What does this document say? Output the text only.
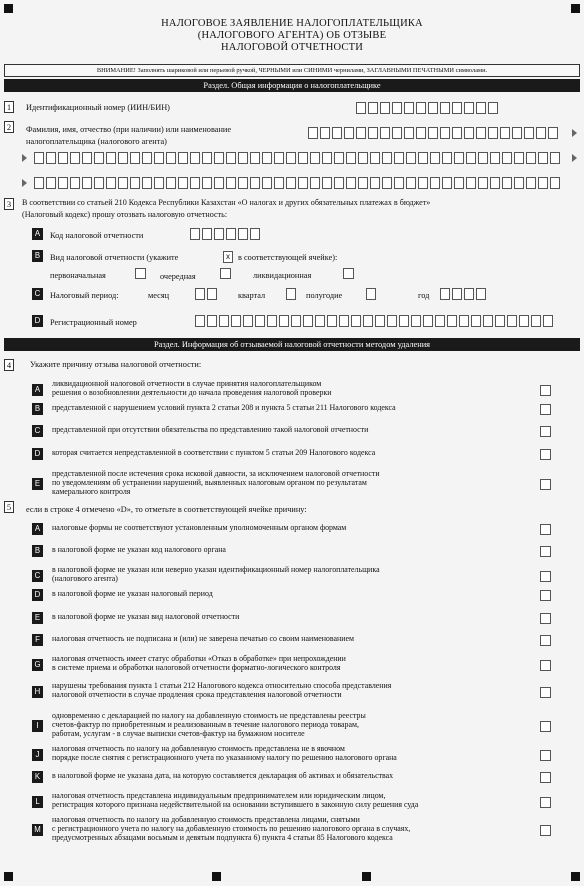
НАЛОГОВОЕ ЗАЯВЛЕНИЕ НАЛОГОПЛАТЕЛЬЩИКА
(НАЛОГОВОГО АГЕНТА) ОБ ОТЗЫВЕ
НАЛОГОВОЙ ОТЧЕТНОСТИ
ВНИМАНИЕ! Заполнять шариковой или перьевой ручкой, ЧЕРНЫМИ или СИНИМИ чернилами, ЗАГЛАВНЫМИ ПЕЧАТНЫМИ символами.
Раздел. Общая информация о налогоплательщике
1	Идентификационный номер (ИИН/БИН)
2	Фамилия, имя, отчество (при наличии) или наименование
налогоплательщика (налогового агента)
3	В соответствии со статьей 210 Кодекса Республики Казахстан «О налогах и других обязательных платежах в бюджет»
(Налоговый кодекс) прошу отозвать налоговую отчетность:
A	Код налоговой отчетности
B	Вид налоговой отчетности (укажите	x в соответствующей ячейке):
первоначальная	очередная	ликвидационная
C	Налоговый период:	месяц	квартал	полугодие	год
D	Регистрационный номер
Раздел. Информация об отзываемой налоговой отчетности методом удаления
4	Укажите причину отзыва налоговой отчетности:
A
ликвидационной налоговой отчетности в случае принятия налогоплательщиком
решения о возобновлении деятельности до начала проведения налоговой проверки
B	представленной с нарушением условий пункта 2 статьи 208 и пункта 5 статьи 211 Налогового кодекса
C	представленной при отсутствии обязательства по представлению такой налоговой отчетности
D	которая считается непредставленной в соответствии с пунктом 5 статьи 209 Налогового кодекса
E
представленной после истечения срока исковой давности, за исключением налоговой отчетности
по уведомлениям об устранении нарушений, выявленных налоговым органом по результатам
камерального контроля
5	если в строке 4 отмечено «D», то отметьте в соответствующей ячейке причину:
A	налоговые формы не соответствуют установленным уполномоченным органом формам
B	в налоговой форме не указан код налогового органа
C
в налоговой форме не указан или неверно указан идентификационный номер налогоплательщика
(налогового агента)
D	в налоговой форме не указан налоговый период
E	в налоговой форме не указан вид налоговой отчетности
F	налоговая отчетность не подписана и (или) не заверена печатью со своим наименованием
G
налоговая отчетность имеет статус обработки «Отказ в обработке» при непрохождении
в системе приема и обработки налоговой отчетности форматно-логического контроля
H
нарушены требования пункта 1 статьи 212 Налогового кодекса относительно способа представления
налоговой отчетности в случае продления срока представления налоговой отчетности
I
одновременно с декларацией по налогу на добавленную стоимость не представлены реестры
счетов-фактур по приобретенным и реализованным в течение налогового периода товарам,
работам, услугам - в случае выписки счетов-фактур на бумажном носителе
J
налоговая отчетность по налогу на добавленную стоимость представлена не в явочном
порядке после снятия с регистрационного учета по указанному налогу по решению налогового органа
K	в налоговой форме не указана дата, на которую составляется декларация об активах и обязательствах
L
налоговая отчетность представлена индивидуальным предпринимателем или юридическим лицом,
регистрация которого признана недействительной на основании вступившего в законную силу решения суда
M
налоговая отчетность по налогу на добавленную стоимость представлена лицами, снятыми
с регистрационного учета по налогу на добавленную стоимость по решению налогового органа в случаях,
предусмотренных абзацами восьмым и девятым подпункта 6) пункта 4 статьи 85 Налогового кодекса
